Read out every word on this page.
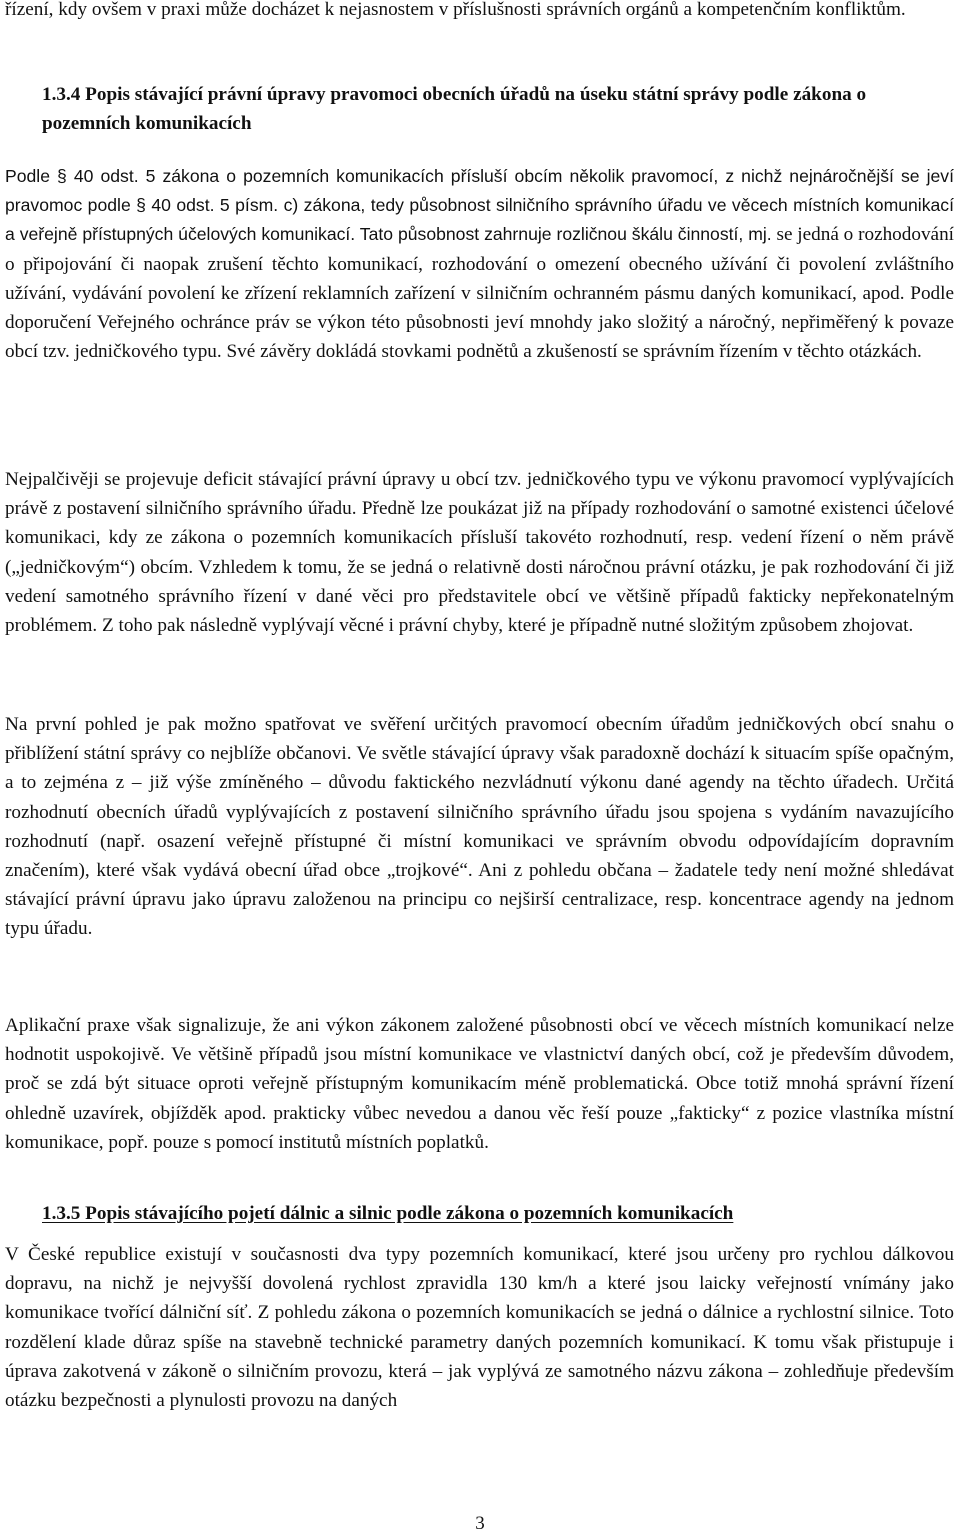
řízení, kdy ovšem v praxi může docházet k nejasnostem v příslušnosti správních orgánů a kompetenčním konfliktům.

1.3.4 Popis stávající právní úpravy pravomoci obecních úřadů na úseku státní správy podle zákona o pozemních komunikacích

Podle § 40 odst. 5 zákona o pozemních komunikacích přísluší obcím několik pravomocí, z nichž nejnáročnější se jeví pravomoc podle § 40 odst. 5 písm. c) zákona, tedy působnost silničního správního úřadu ve věcech místních komunikací a veřejně přístupných účelových komunikací. Tato působnost zahrnuje rozličnou škálu činností, mj. se jedná o rozhodování o připojování či naopak zrušení těchto komunikací, rozhodování o omezení obecného užívání či povolení zvláštního užívání, vydávání povolení ke zřízení reklamních zařízení v silničním ochranném pásmu daných komunikací, apod. Podle doporučení Veřejného ochránce práv se výkon této působnosti jeví mnohdy jako složitý a náročný, nepřiměřený k povaze obcí tzv. jedničkového typu. Své závěry dokládá stovkami podnětů a zkušeností se správním řízením v těchto otázkách.

Nejpalčivěji se projevuje deficit stávající právní úpravy u obcí tzv. jedničkového typu ve výkonu pravomocí vyplývajících právě z postavení silničního správního úřadu. Předně lze poukázat již na případy rozhodování o samotné existenci účelové komunikaci, kdy ze zákona o pozemních komunikacích přísluší takovéto rozhodnutí, resp. vedení řízení o něm právě („jedničkovým“) obcím. Vzhledem k tomu, že se jedná o relativně dosti náročnou právní otázku, je pak rozhodování či již vedení samotného správního řízení v dané věci pro představitele obcí ve většině případů fakticky nepřekonatelným problémem. Z toho pak následně vyplývají věcné i právní chyby, které je případně nutné složitým způsobem zhojovat.

Na první pohled je pak možno spatřovat ve svěření určitých pravomocí obecním úřadům jedničkových obcí snahu o přiblížení státní správy co nejblíže občanovi. Ve světle stávající úpravy však paradoxně dochází k situacím spíše opačným, a to zejména z – již výše zmíněného – důvodu faktického nezvládnutí výkonu dané agendy na těchto úřadech. Určitá rozhodnutí obecních úřadů vyplývajících z postavení silničního správního úřadu jsou spojena s vydáním navazujícího rozhodnutí (např. osazení veřejně přístupné či místní komunikaci ve správním obvodu odpovídajícím dopravním značením), které však vydává obecní úřad obce „trojkové“. Ani z pohledu občana – žadatele tedy není možné shledávat stávající právní úpravu jako úpravu založenou na principu co nejširší centralizace, resp. koncentrace agendy na jednom typu úřadu.

Aplikační praxe však signalizuje, že ani výkon zákonem založené působnosti obcí ve věcech místních komunikací nelze hodnotit uspokojivě. Ve většině případů jsou místní komunikace ve vlastnictví daných obcí, což je především důvodem, proč se zdá být situace oproti veřejně přístupným komunikacím méně problematická. Obce totiž mnohá správní řízení ohledně uzavírek, objížděk apod. prakticky vůbec nevedou a danou věc řeší pouze „fakticky“ z pozice vlastníka místní komunikace, popř. pouze s pomocí institutů místních poplatků.

1.3.5 Popis stávajícího pojetí dálnic a silnic podle zákona o pozemních komunikacích

V České republice existují v současnosti dva typy pozemních komunikací, které jsou určeny pro rychlou dálkovou dopravu, na nichž je nejvyšší dovolená rychlost zpravidla 130 km/h a které jsou laicky veřejností vnímány jako komunikace tvořící dálniční síť. Z pohledu zákona o pozemních komunikacích se jedná o dálnice a rychlostní silnice. Toto rozdělení klade důraz spíše na stavebně technické parametry daných pozemních komunikací. K tomu však přistupuje i úprava zakotvená v zákoně o silničním provozu, která – jak vyplývá ze samotného názvu zákona – zohledňuje především otázku bezpečnosti a plynulosti provozu na daných

3
